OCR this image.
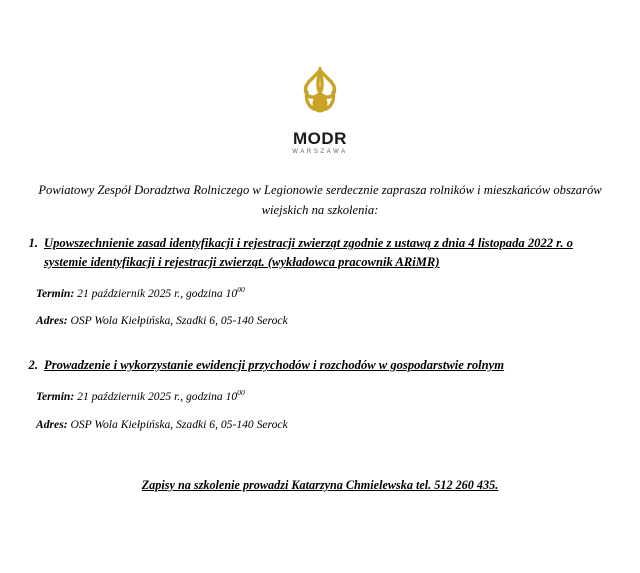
MODR
WARSZAWA

Powiatowy Zespół Doradztwa Rolniczego w Legionowie serdecznie zaprasza rolników i mieszkańców obszarów wiejskich na szkolenia:

1. Upowszechnienie zasad identyfikacji i rejestracji zwierząt zgodnie z ustawą z dnia 4 listopada 2022 r. o systemie identyfikacji i rejestracji zwierząt. (wykładowca pracownik ARiMR)
Termin: 21 październik 2025 r., godzina $10^{00}$
Adres: OSP Wola Kiełpińska, Szadki 6, 05-140 Serock
2. Prowadzenie i wykorzystanie ewidencji przychodów i rozchodów w gospodarstwie rolnym
Termin: 21 październik 2025 r., godzina $10^{00}$
Adres: OSP Wola Kiełpińska, Szadki 6, 05-140 Serock

Zapisy na szkolenie prowadzi Katarzyna Chmielewska tel. 512 260 435.
